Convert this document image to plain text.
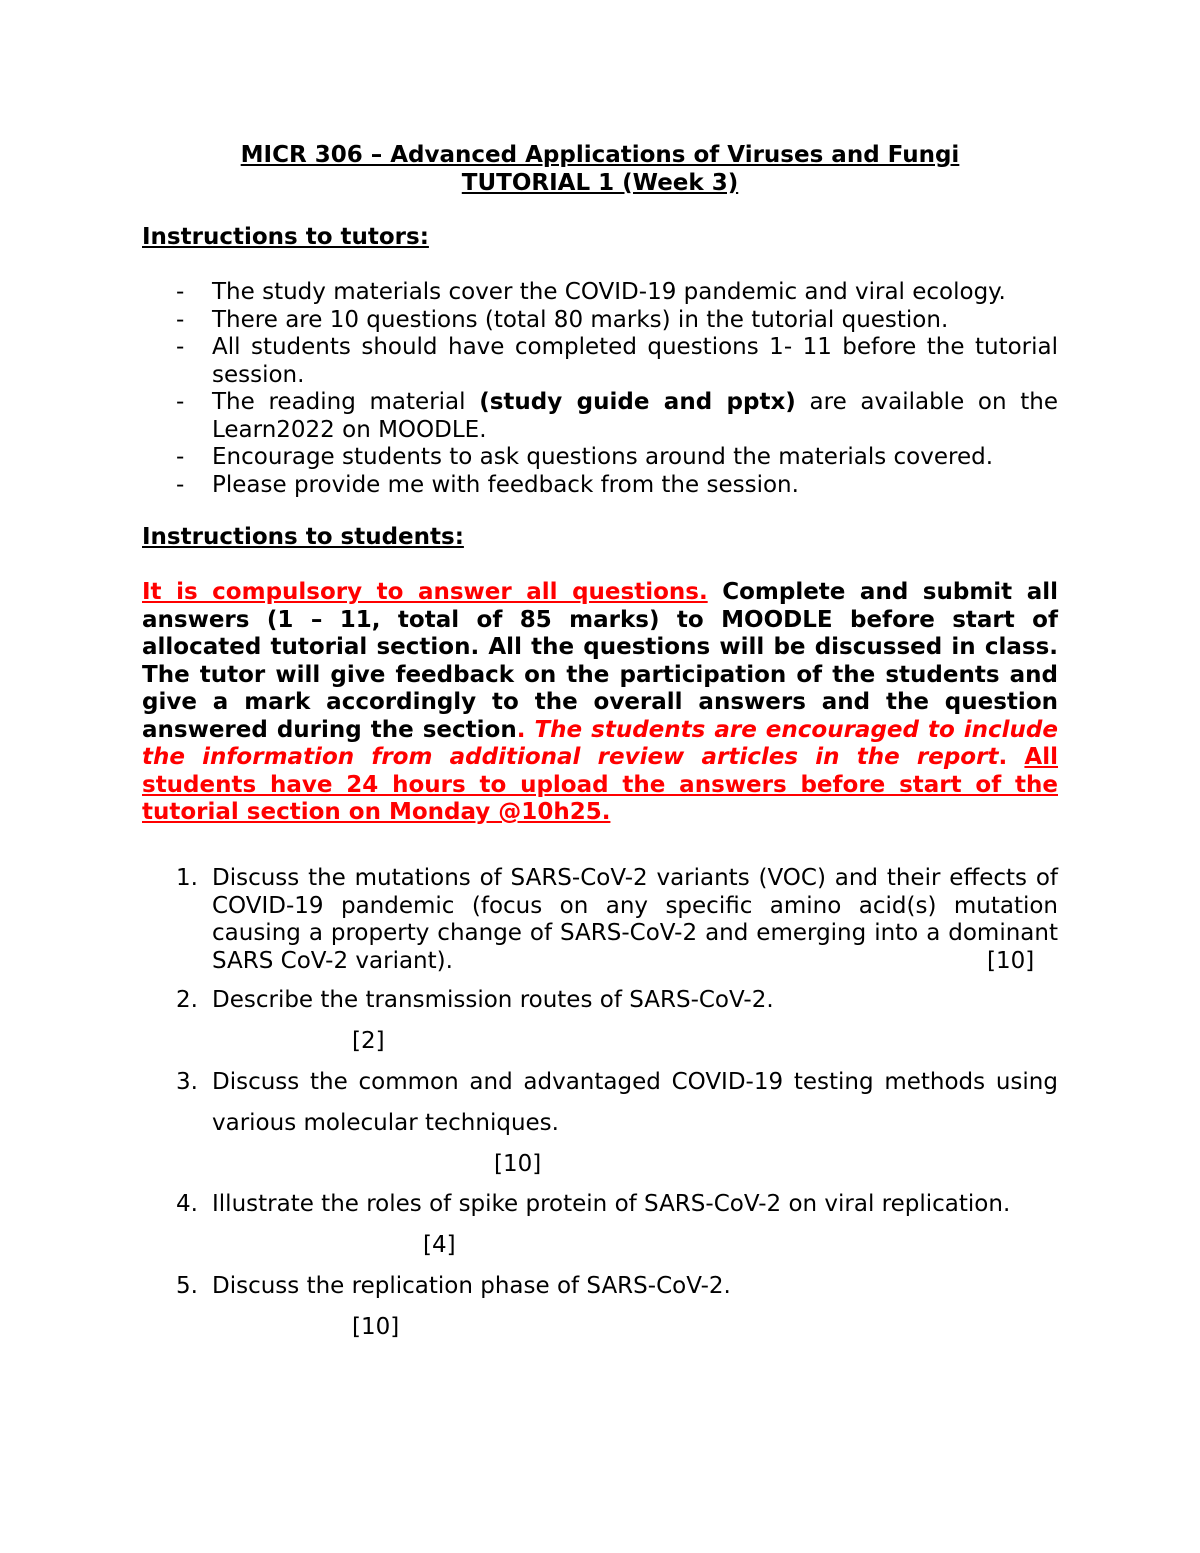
MICR 306 – Advanced Applications of Viruses and Fungi
TUTORIAL 1 (Week 3)
Instructions to tutors:
- The study materials cover the COVID-19 pandemic and viral ecology.
- There are 10 questions (total 80 marks) in the tutorial question.
- All students should have completed questions 1- 11 before the tutorial session.
- The reading material (study guide and pptx) are available on the Learn2022 on MOODLE.
- Encourage students to ask questions around the materials covered.
- Please provide me with feedback from the session.
Instructions to students:
It is compulsory to answer all questions. Complete and submit all answers (1 – 11, total of 85 marks) to MOODLE before start of allocated tutorial section. All the questions will be discussed in class. The tutor will give feedback on the participation of the students and give a mark accordingly to the overall answers and the question answered during the section. The students are encouraged to include the information from additional review articles in the report. All students have 24 hours to upload the answers before start of the tutorial section on Monday @10h25.
1. Discuss the mutations of SARS-CoV-2 variants (VOC) and their effects of COVID-19 pandemic (focus on any specific amino acid(s) mutation causing a property change of SARS-CoV-2 and emerging into a dominant SARS CoV-2 variant).	[10]
2. Describe the transmission routes of SARS-CoV-2.
[2]
3. Discuss the common and advantaged COVID-19 testing methods using various molecular techniques.
[10]
4. Illustrate the roles of spike protein of SARS-CoV-2 on viral replication.
[4]
5. Discuss the replication phase of SARS-CoV-2.
[10]
